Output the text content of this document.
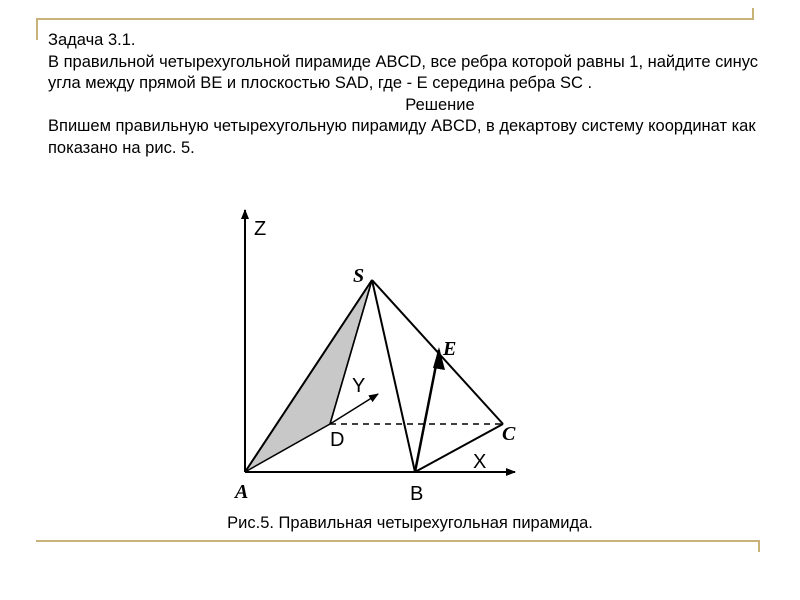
Задача 3.1.

В правильной четырехугольной пирамиде ABCD, все ребра которой равны 1, найдите синус угла между прямой BE и плоскостью SAD, где - E середина ребра SC .

Решение

Впишем правильную четырехугольную пирамиду ABCD, в декартову систему координат как показано на рис. 5.

Z
S
E
Y
D	C
X
A	B
Рис.5. Правильная четырехугольная пирамида.
